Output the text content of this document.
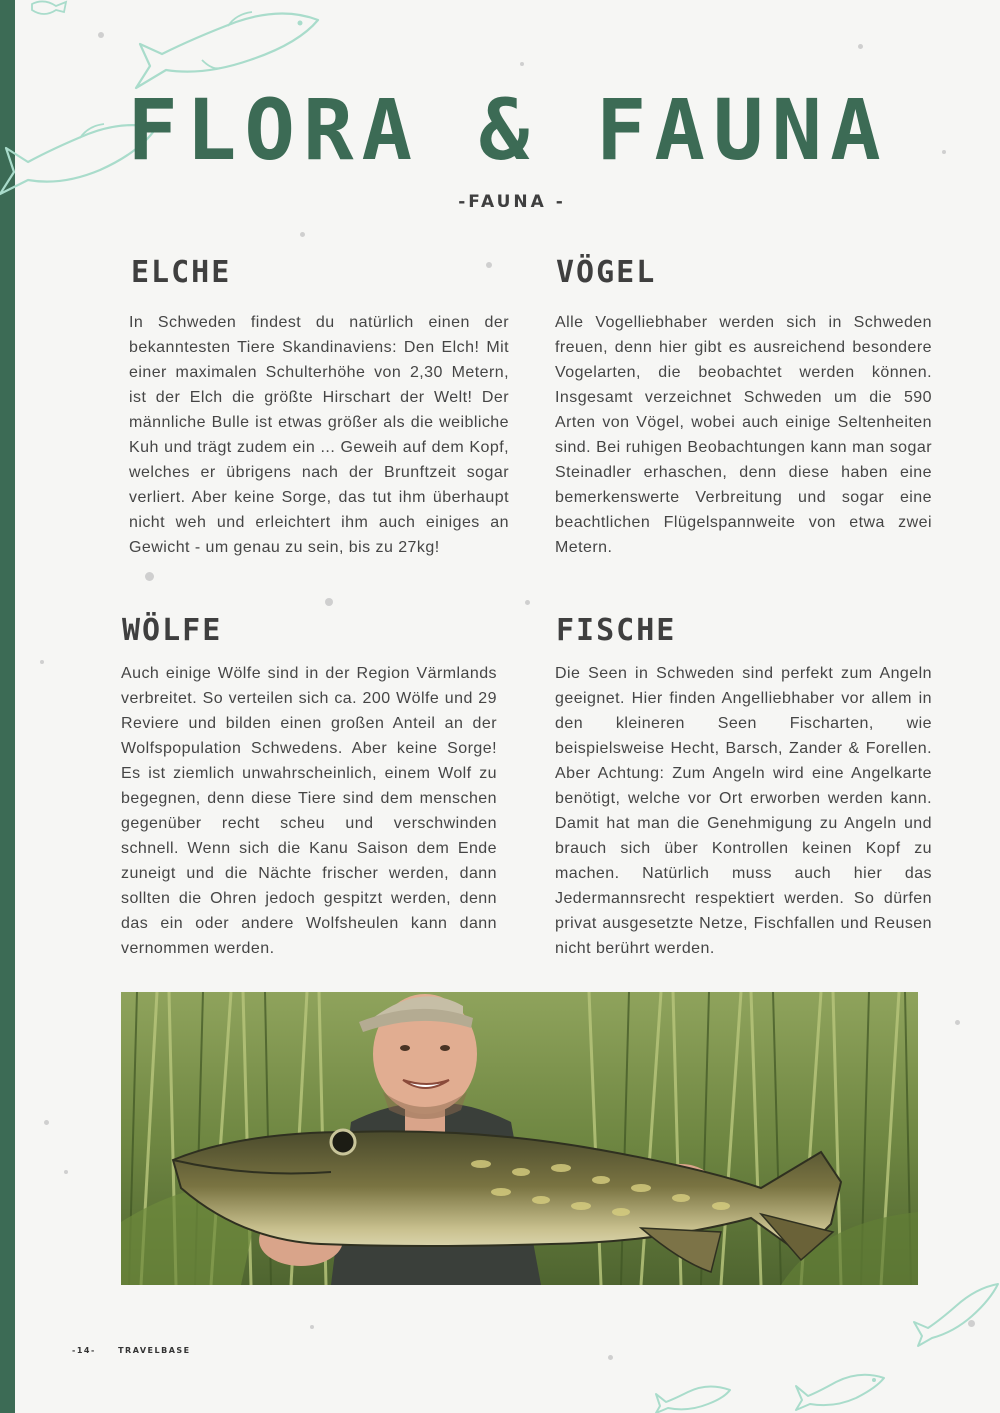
FLORA & FAUNA
-FAUNA -
ELCHE

In Schweden findest du natürlich einen der bekanntesten Tiere Skandinaviens: Den Elch! Mit einer maximalen Schulterhöhe von 2,30 Metern, ist der Elch die größte Hirschart der Welt! Der männliche Bulle ist etwas größer als die weibliche Kuh und trägt zudem ein ... Geweih auf dem Kopf, welches er übrigens nach der Brunftzeit sogar verliert. Aber keine Sorge, das tut ihm überhaupt nicht weh und erleichtert ihm auch einiges an Gewicht - um genau zu sein, bis zu 27kg!

VÖGEL

Alle Vogelliebhaber werden sich in Schweden freuen, denn hier gibt es ausreichend besondere Vogelarten, die beobachtet werden können. Insgesamt verzeichnet Schweden um die 590 Arten von Vögel, wobei auch einige Seltenheiten sind. Bei ruhigen Beobachtungen kann man sogar Steinadler erhaschen, denn diese haben eine bemerkenswerte Verbreitung und sogar eine beachtlichen Flügelspannweite von etwa zwei Metern.

WÖLFE

Auch einige Wölfe sind in der Region Värmlands verbreitet. So verteilen sich ca. 200 Wölfe und 29 Reviere und bilden einen großen Anteil an der Wolfspopulation Schwedens. Aber keine Sorge! Es ist ziemlich unwahrscheinlich, einem Wolf zu begegnen, denn diese Tiere sind dem menschen gegenüber recht scheu und verschwinden schnell. Wenn sich die Kanu Saison dem Ende zuneigt und die Nächte frischer werden, dann sollten die Ohren jedoch gespitzt werden, denn das ein oder andere Wolfsheulen kann dann vernommen werden.

FISCHE

Die Seen in Schweden sind perfekt zum Angeln geeignet. Hier finden Angelliebhaber vor allem in den kleineren Seen Fischarten, wie beispielsweise Hecht, Barsch, Zander & Forellen. Aber Achtung: Zum Angeln wird eine Angelkarte benötigt, welche vor Ort erworben werden kann. Damit hat man die Genehmigung zu Angeln und brauch sich über Kontrollen keinen Kopf zu machen. Natürlich muss auch hier das Jedermannsrecht respektiert werden. So dürfen privat ausgesetzte Netze, Fischfallen und Reusen nicht berührt werden.

-14-	TRAVELBASE
